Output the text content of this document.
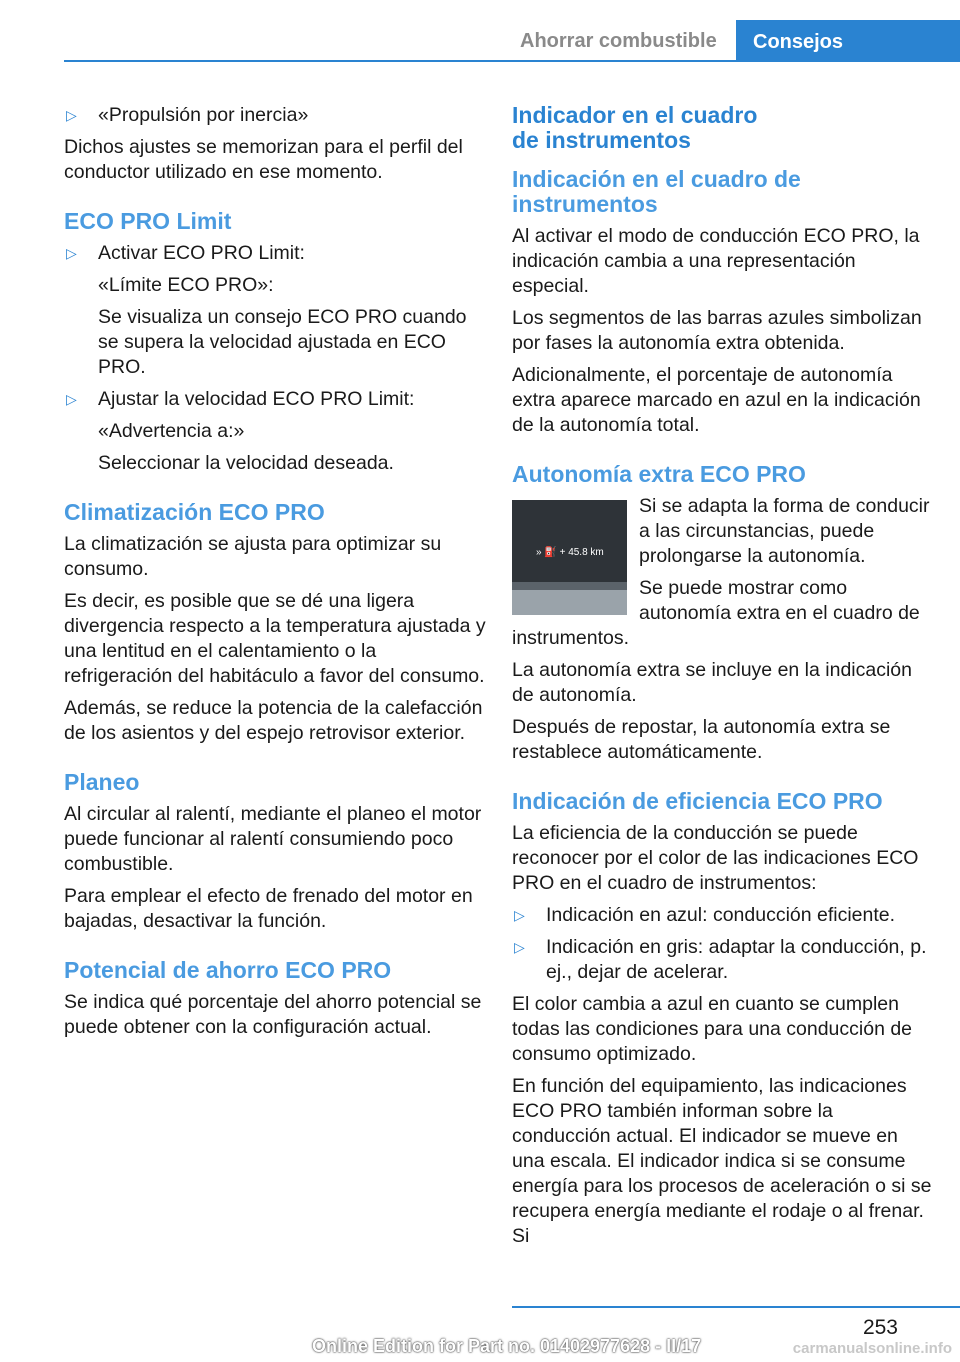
Ahorrar combustible	Consejos
▷ «Propulsión por inercia»

Dichos ajustes se memorizan para el perfil del conductor utilizado en ese momento.

ECO PRO Limit
▷ Activar ECO PRO Limit:
«Límite ECO PRO»:
Se visualiza un consejo ECO PRO cuando se supera la velocidad ajustada en ECO PRO.
▷ Ajustar la velocidad ECO PRO Limit:
«Advertencia a:»
Seleccionar la velocidad deseada.
Climatización ECO PRO

La climatización se ajusta para optimizar su consumo.

Es decir, es posible que se dé una ligera divergencia respecto a la temperatura ajustada y una lentitud en el calentamiento o la refrigeración del habitáculo a favor del consumo.

Además, se reduce la potencia de la calefacción de los asientos y del espejo retrovisor exterior.

Planeo

Al circular al ralentí, mediante el planeo el motor puede funcionar al ralentí consumiendo poco combustible.

Para emplear el efecto de frenado del motor en bajadas, desactivar la función.

Potencial de ahorro ECO PRO

Se indica qué porcentaje del ahorro potencial se puede obtener con la configuración actual.

Indicador en el cuadro
de instrumentos
Indicación en el cuadro de instrumentos

Al activar el modo de conducción ECO PRO, la indicación cambia a una representación especial.

Los segmentos de las barras azules simbolizan por fases la autonomía extra obtenida.

Adicionalmente, el porcentaje de autonomía extra aparece marcado en azul en la indicación de la autonomía total.

Autonomía extra ECO PRO
» ⛽ + 45.8 km

Si se adapta la forma de conducir a las circunstancias, puede prolongarse la autonomía.

Se puede mostrar como autonomía extra en el cuadro de instrumentos.

La autonomía extra se incluye en la indicación de autonomía.

Después de repostar, la autonomía extra se restablece automáticamente.

Indicación de eficiencia ECO PRO

La eficiencia de la conducción se puede reconocer por el color de las indicaciones ECO PRO en el cuadro de instrumentos:

▷ Indicación en azul: conducción eficiente.
▷ Indicación en gris: adaptar la conducción, p. ej., dejar de acelerar.

El color cambia a azul en cuanto se cumplen todas las condiciones para una conducción de consumo optimizado.

En función del equipamiento, las indicaciones ECO PRO también informan sobre la conducción actual. El indicador se mueve en una escala. El indicador indica si se consume energía para los procesos de aceleración o si se recupera energía mediante el rodaje o al frenar. Si

253
Online Edition for Part no. 01402977628 - II/17	carmanualsonline.info
